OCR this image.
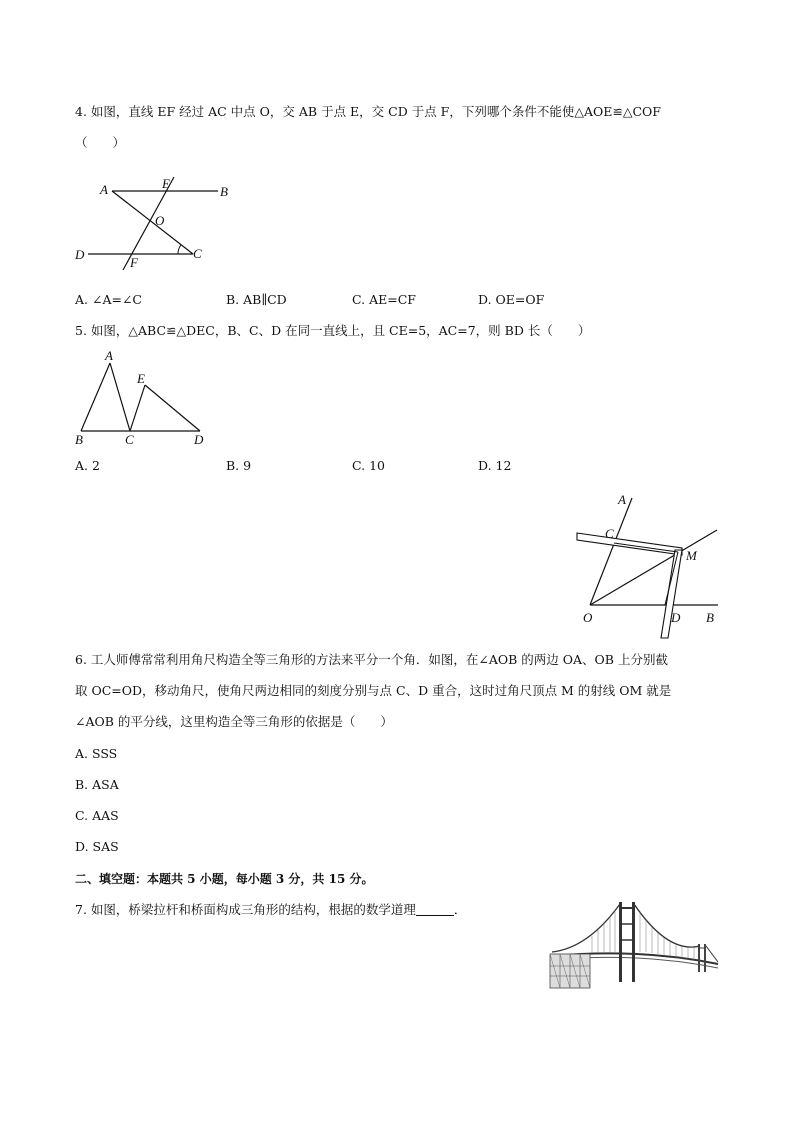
4. 如图，直线 EF 经过 AC 中点 O，交 AB 于点 E，交 CD 于点 F，下列哪个条件不能使△AOE≌△COF
（　　）
A	E
B
O
D	C
F
A. ∠A=∠C	B. AB∥CD	C. AE=CF	D. OE=OF
5. 如图，△ABC≌△DEC，B、C、D 在同一直线上，且 CE=5，AC=7，则 BD 长（　　）
A
E
B	C	D
A. 2	B. 9	C. 10	D. 12
A
C
M
O	D B
6. 工人师傅常常利用角尺构造全等三角形的方法来平分一个角．如图，在∠AOB 的两边 OA、OB 上分别截
取 OC=OD，移动角尺，使角尺两边相同的刻度分别与点 C、D 重合，这时过角尺顶点 M 的射线 OM 就是
∠AOB 的平分线，这里构造全等三角形的依据是（　　）
A. SSS
B. ASA
C. AAS
D. SAS
二、填空题：本题共 5 小题，每小题 3 分，共 15 分。
7. 如图，桥梁拉杆和桥面构成三角形的结构，根据的数学道理	．
